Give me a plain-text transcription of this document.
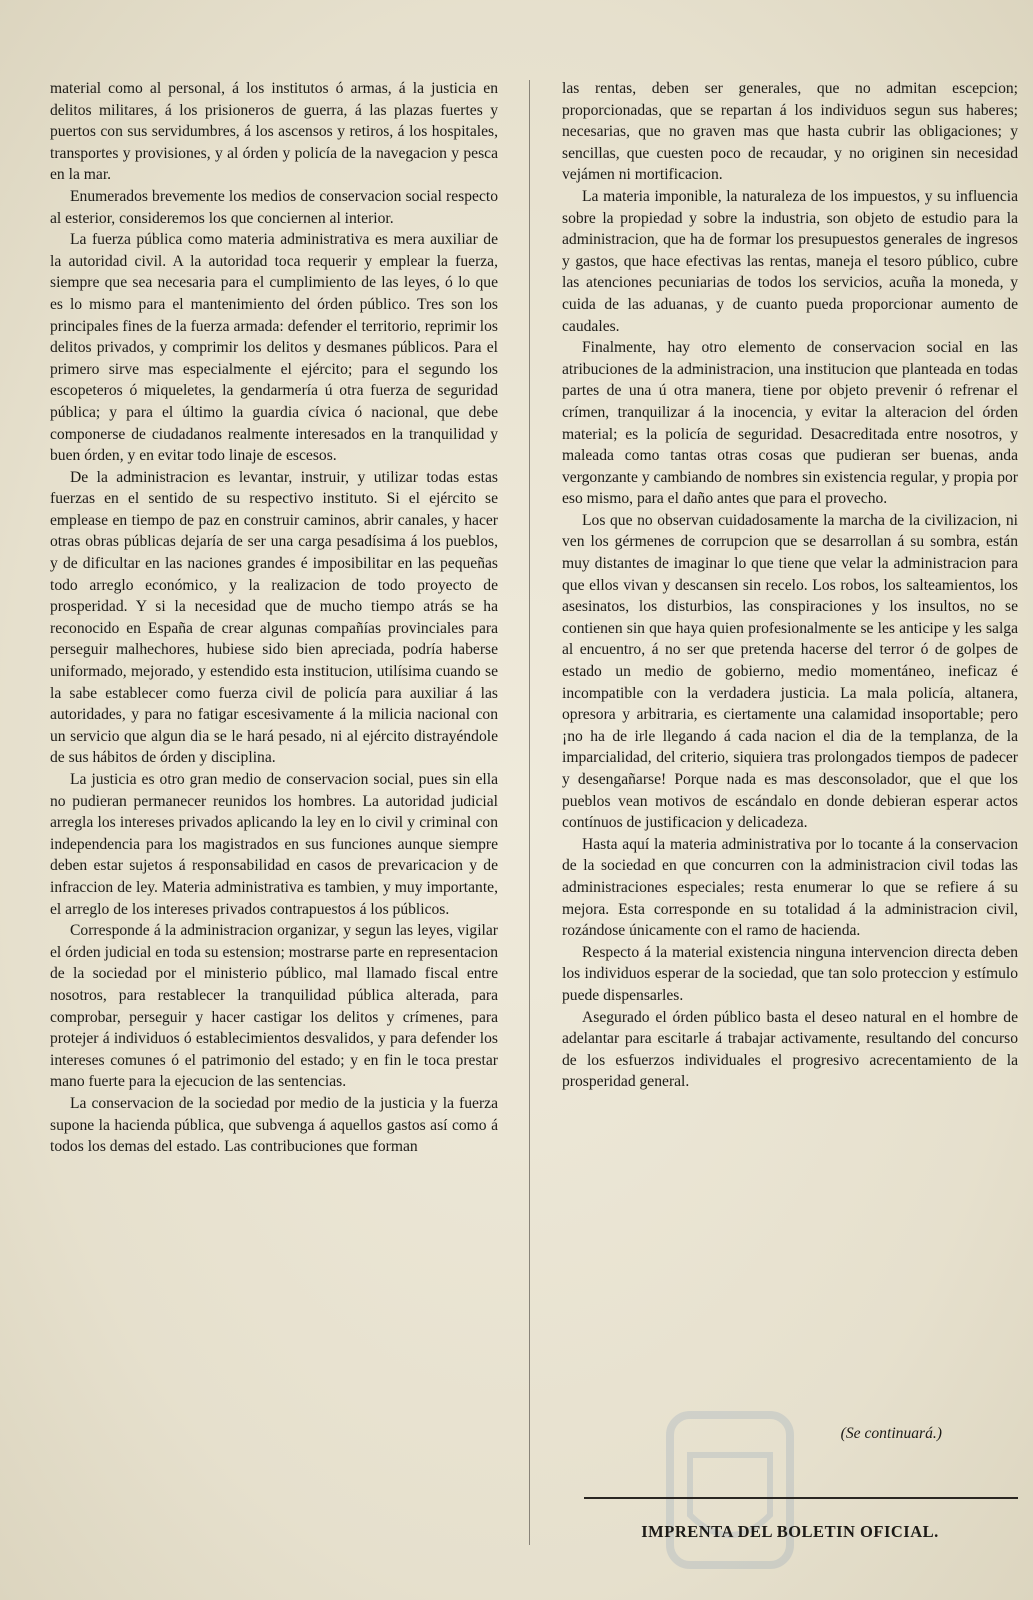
material como al personal, á los institutos ó armas, á la justicia en delitos militares, á los prisioneros de guerra, á las plazas fuertes y puertos con sus servidumbres, á los ascensos y retiros, á los hospitales, transportes y provisiones, y al órden y policía de la navegacion y pesca en la mar.

Enumerados brevemente los medios de conservacion social respecto al esterior, consideremos los que conciernen al interior.

La fuerza pública como materia administrativa es mera auxiliar de la autoridad civil. A la autoridad toca requerir y emplear la fuerza, siempre que sea necesaria para el cumplimiento de las leyes, ó lo que es lo mismo para el mantenimiento del órden público. Tres son los principales fines de la fuerza armada: defender el territorio, reprimir los delitos privados, y comprimir los delitos y desmanes públicos. Para el primero sirve mas especialmente el ejército; para el segundo los escopeteros ó miqueletes, la gendarmería ú otra fuerza de seguridad pública; y para el último la guardia cívica ó nacional, que debe componerse de ciudadanos realmente interesados en la tranquilidad y buen órden, y en evitar todo linaje de escesos.

De la administracion es levantar, instruir, y utilizar todas estas fuerzas en el sentido de su respectivo instituto. Si el ejército se emplease en tiempo de paz en construir caminos, abrir canales, y hacer otras obras públicas dejaría de ser una carga pesadísima á los pueblos, y de dificultar en las naciones grandes é imposibilitar en las pequeñas todo arreglo económico, y la realizacion de todo proyecto de prosperidad. Y si la necesidad que de mucho tiempo atrás se ha reconocido en España de crear algunas compañías provinciales para perseguir malhechores, hubiese sido bien apreciada, podría haberse uniformado, mejorado, y estendido esta institucion, utilísima cuando se la sabe establecer como fuerza civil de policía para auxiliar á las autoridades, y para no fatigar escesivamente á la milicia nacional con un servicio que algun dia se le hará pesado, ni al ejército distrayéndole de sus hábitos de órden y disciplina.

La justicia es otro gran medio de conservacion social, pues sin ella no pudieran permanecer reunidos los hombres. La autoridad judicial arregla los intereses privados aplicando la ley en lo civil y criminal con independencia para los magistrados en sus funciones aunque siempre deben estar sujetos á responsabilidad en casos de prevaricacion y de infraccion de ley. Materia administrativa es tambien, y muy importante, el arreglo de los intereses privados contrapuestos á los públicos.

Corresponde á la administracion organizar, y segun las leyes, vigilar el órden judicial en toda su estension; mostrarse parte en representacion de la sociedad por el ministerio público, mal llamado fiscal entre nosotros, para restablecer la tranquilidad pública alterada, para comprobar, perseguir y hacer castigar los delitos y crímenes, para protejer á individuos ó establecimientos desvalidos, y para defender los intereses comunes ó el patrimonio del estado; y en fin le toca prestar mano fuerte para la ejecucion de las sentencias.

La conservacion de la sociedad por medio de la justicia y la fuerza supone la hacienda pública, que subvenga á aquellos gastos así como á todos los demas del estado. Las contribuciones que forman

las rentas, deben ser generales, que no admitan escepcion; proporcionadas, que se repartan á los individuos segun sus haberes; necesarias, que no graven mas que hasta cubrir las obligaciones; y sencillas, que cuesten poco de recaudar, y no originen sin necesidad vejámen ni mortificacion.

La materia imponible, la naturaleza de los impuestos, y su influencia sobre la propiedad y sobre la industria, son objeto de estudio para la administracion, que ha de formar los presupuestos generales de ingresos y gastos, que hace efectivas las rentas, maneja el tesoro público, cubre las atenciones pecuniarias de todos los servicios, acuña la moneda, y cuida de las aduanas, y de cuanto pueda proporcionar aumento de caudales.

Finalmente, hay otro elemento de conservacion social en las atribuciones de la administracion, una institucion que planteada en todas partes de una ú otra manera, tiene por objeto prevenir ó refrenar el crímen, tranquilizar á la inocencia, y evitar la alteracion del órden material; es la policía de seguridad. Desacreditada entre nosotros, y maleada como tantas otras cosas que pudieran ser buenas, anda vergonzante y cambiando de nombres sin existencia regular, y propia por eso mismo, para el daño antes que para el provecho.

Los que no observan cuidadosamente la marcha de la civilizacion, ni ven los gérmenes de corrupcion que se desarrollan á su sombra, están muy distantes de imaginar lo que tiene que velar la administracion para que ellos vivan y descansen sin recelo. Los robos, los salteamientos, los asesinatos, los disturbios, las conspiraciones y los insultos, no se contienen sin que haya quien profesionalmente se les anticipe y les salga al encuentro, á no ser que pretenda hacerse del terror ó de golpes de estado un medio de gobierno, medio momentáneo, ineficaz é incompatible con la verdadera justicia. La mala policía, altanera, opresora y arbitraria, es ciertamente una calamidad insoportable; pero ¡no ha de irle llegando á cada nacion el dia de la templanza, de la imparcialidad, del criterio, siquiera tras prolongados tiempos de padecer y desengañarse! Porque nada es mas desconsolador, que el que los pueblos vean motivos de escándalo en donde debieran esperar actos contínuos de justificacion y delicadeza.

Hasta aquí la materia administrativa por lo tocante á la conservacion de la sociedad en que concurren con la administracion civil todas las administraciones especiales; resta enumerar lo que se refiere á su mejora. Esta corresponde en su totalidad á la administracion civil, rozándose únicamente con el ramo de hacienda.

Respecto á la material existencia ninguna intervencion directa deben los individuos esperar de la sociedad, que tan solo proteccion y estímulo puede dispensarles.

Asegurado el órden público basta el deseo natural en el hombre de adelantar para escitarle á trabajar activamente, resultando del concurso de los esfuerzos individuales el progresivo acrecentamiento de la prosperidad general.

(Se continuará.)
IMPRENTA DEL BOLETIN OFICIAL.
